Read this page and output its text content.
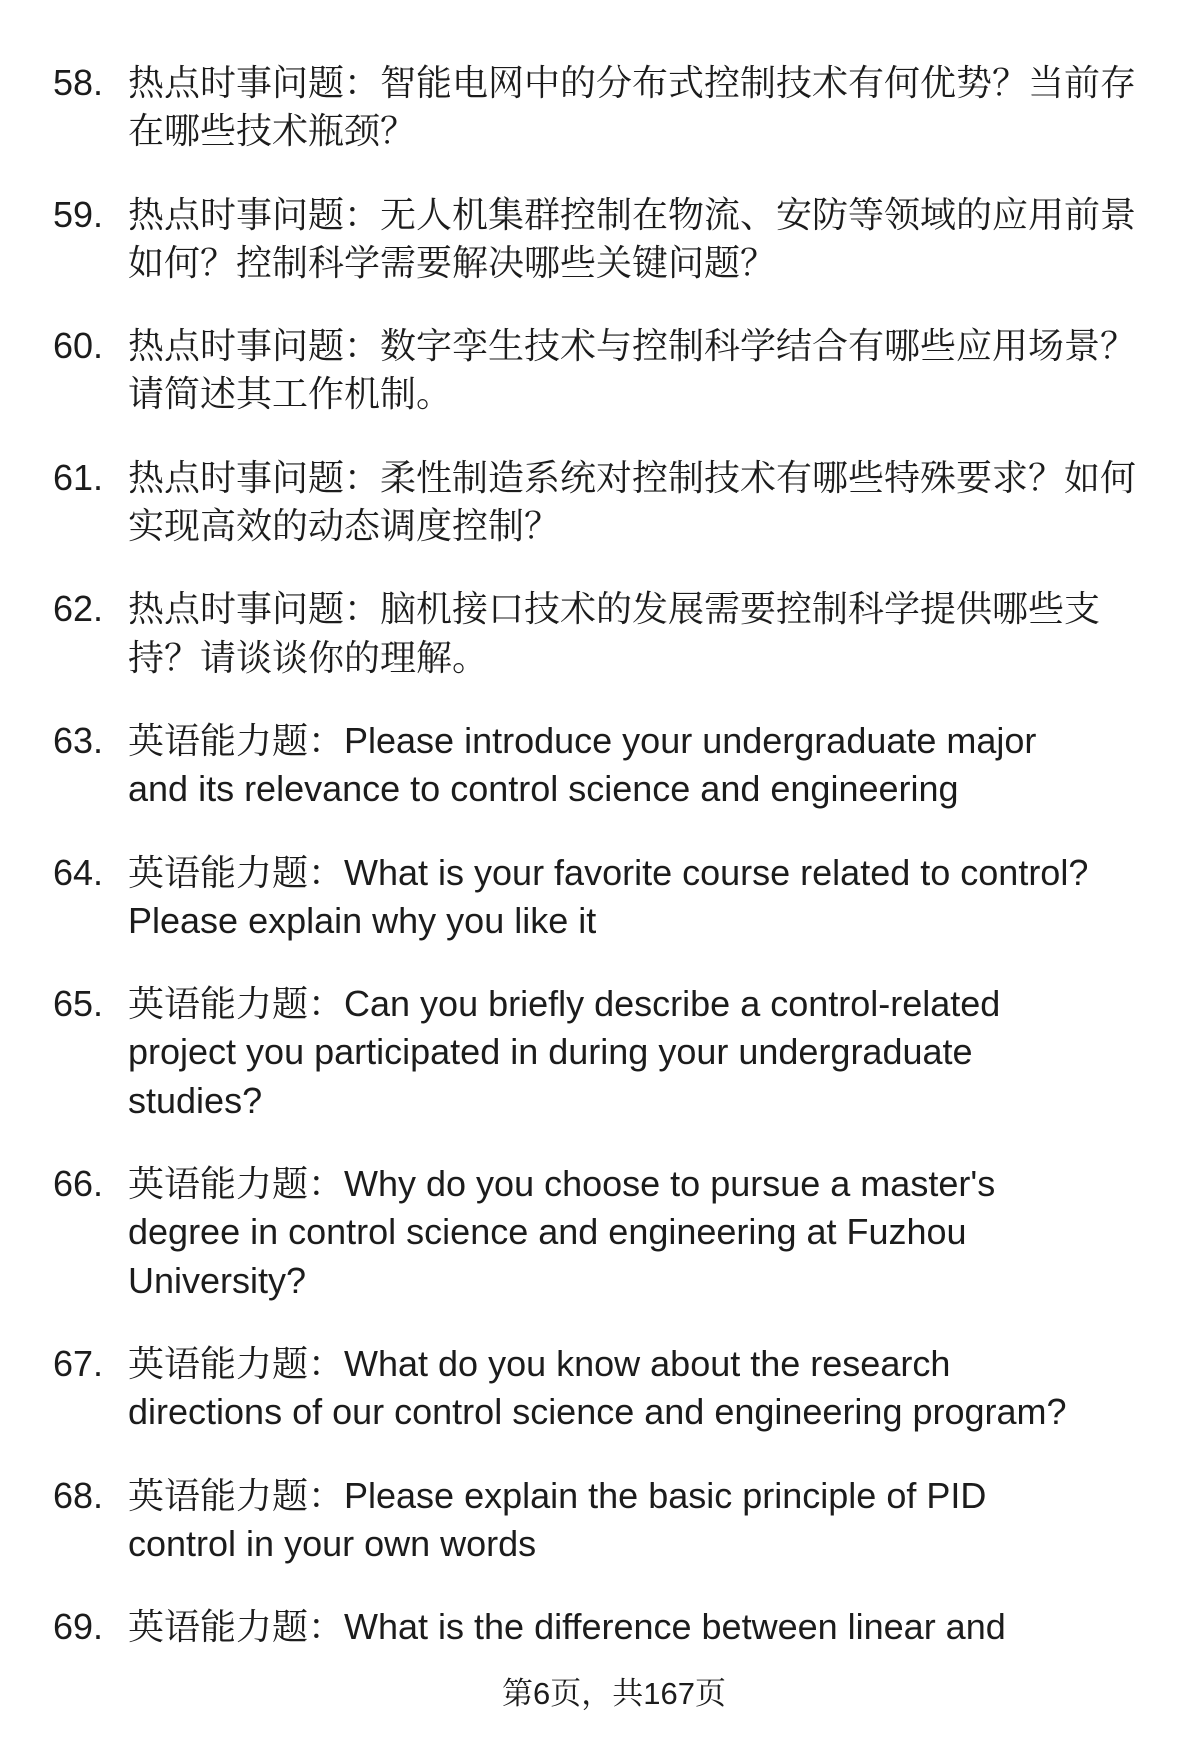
58. 热点时事问题：智能电网中的分布式控制技术有何优势？当前存
在哪些技术瓶颈？
59. 热点时事问题：无人机集群控制在物流、安防等领域的应用前景
如何？控制科学需要解决哪些关键问题？
60. 热点时事问题：数字孪生技术与控制科学结合有哪些应用场景？
请简述其工作机制。
61. 热点时事问题：柔性制造系统对控制技术有哪些特殊要求？如何
实现高效的动态调度控制？
62. 热点时事问题：脑机接口技术的发展需要控制科学提供哪些支
持？请谈谈你的理解。
63. 英语能力题：Please introduce your undergraduate major
and its relevance to control science and engineering
64. 英语能力题：What is your favorite course related to control?
Please explain why you like it
65. 英语能力题：Can you briefly describe a control-related
project you participated in during your undergraduate
studies?
66. 英语能力题：Why do you choose to pursue a master's
degree in control science and engineering at Fuzhou
University?
67. 英语能力题：What do you know about the research
directions of our control science and engineering program?
68. 英语能力题：Please explain the basic principle of PID
control in your own words
69. 英语能力题：What is the difference between linear and
第6页，共167页
